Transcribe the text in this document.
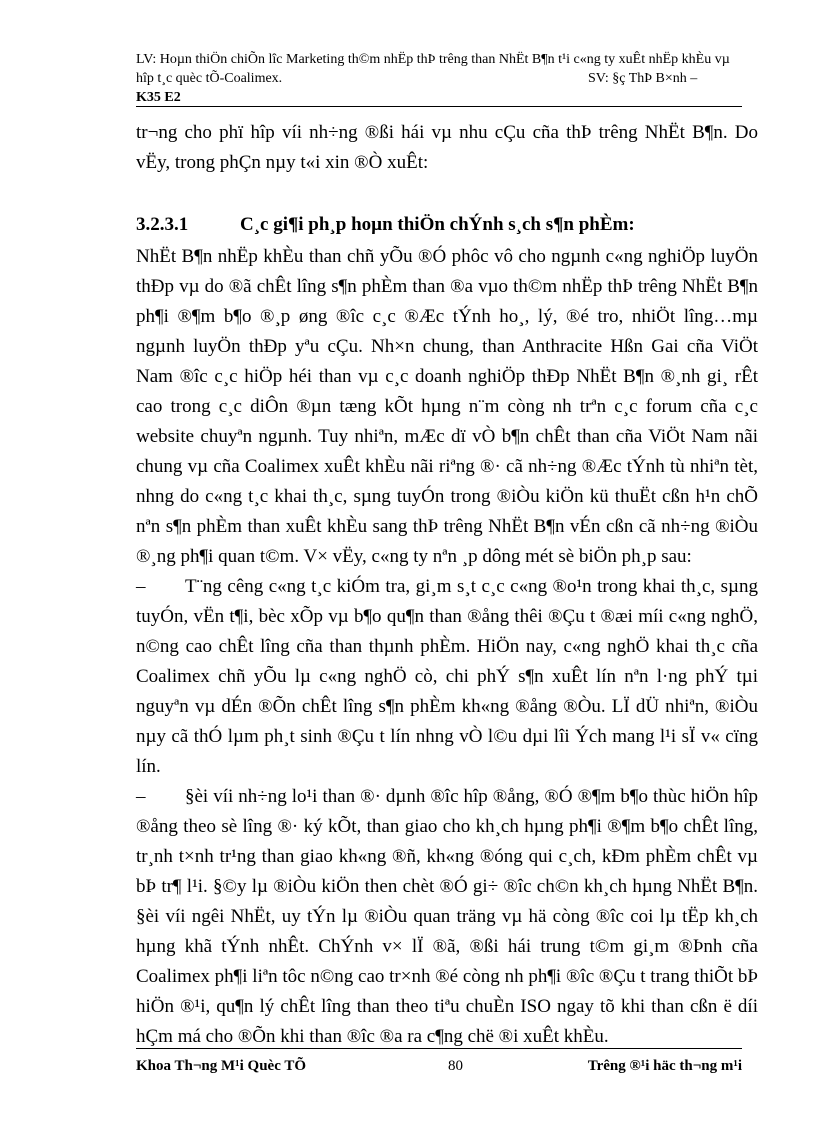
LV: Hoµn thiÖn chiÕn lîc Marketing th©m nhËp thÞ trêng than NhËt B¶n t¹i c«ng ty xuÊt nhËp khÈu vµ hîp t¸c quèc tÕ-Coalimex.	SV: §ç ThÞ B×nh –
K35 E2

tr¬ng cho phï hîp víi nh÷ng ®ßi hái vµ nhu cÇu cña thÞ trêng NhËt B¶n. Do vËy, trong phÇn nµy t«i xin ®Ò xuÊt:

3.2.3.1	C¸c gi¶i ph¸p hoµn thiÖn chÝnh s¸ch s¶n phÈm:

NhËt B¶n nhËp khÈu than chñ yÕu ®Ó phôc vô cho ngµnh c«ng nghiÖp luyÖn thÐp vµ do ®ã chÊt lîng s¶n phÈm than ®a vµo th©m nhËp thÞ trêng NhËt B¶n ph¶i ®¶m b¶o ®¸p øng ®îc c¸c ®Æc tÝnh ho¸, lý, ®é tro, nhiÖt lîng…mµ ngµnh luyÖn thÐp yªu cÇu. Nh×n chung, than Anthracite Hßn Gai cña ViÖt Nam ®îc c¸c hiÖp héi than vµ c¸c doanh nghiÖp thÐp NhËt B¶n ®¸nh gi¸ rÊt cao trong c¸c diÔn ®µn tæng kÕt hµng n¨m còng nh trªn c¸c forum cña c¸c website chuyªn ngµnh. Tuy nhiªn, mÆc dï vÒ b¶n chÊt than cña ViÖt Nam nãi chung vµ cña Coalimex xuÊt khÈu nãi riªng ®· cã nh÷ng ®Æc tÝnh tù nhiªn tèt, nhng do c«ng t¸c khai th¸c, sµng tuyÓn trong ®iÒu kiÖn kü thuËt cßn h¹n chÕ nªn s¶n phÈm than xuÊt khÈu sang thÞ trêng NhËt B¶n vÉn cßn cã nh÷ng ®iÒu ®¸ng ph¶i quan t©m. V× vËy, c«ng ty nªn ¸p dông mét sè biÖn ph¸p sau:

– T¨ng cêng c«ng t¸c kiÓm tra, gi¸m s¸t c¸c c«ng ®o¹n trong khai th¸c, sµng tuyÓn, vËn t¶i, bèc xÕp vµ b¶o qu¶n than ®ång thêi ®Çu t ®æi míi c«ng nghÖ, n©ng cao chÊt lîng cña than thµnh phÈm. HiÖn nay, c«ng nghÖ khai th¸c cña Coalimex chñ yÕu lµ c«ng nghÖ cò, chi phÝ s¶n xuÊt lín nªn l·ng phÝ tµi nguyªn vµ dÉn ®Õn chÊt lîng s¶n phÈm kh«ng ®ång ®Òu. LÏ dÜ nhiªn, ®iÒu nµy cã thÓ lµm ph¸t sinh ®Çu t lín nhng vÒ l©u dµi lîi Ých mang l¹i sÏ v« cïng lín.

– §èi víi nh÷ng lo¹i than ®· dµnh ®îc hîp ®ång, ®Ó ®¶m b¶o thùc hiÖn hîp ®ång theo sè lîng ®· ký kÕt, than giao cho kh¸ch hµng ph¶i ®¶m b¶o chÊt lîng, tr¸nh t×nh tr¹ng than giao kh«ng ®ñ, kh«ng ®óng qui c¸ch, kÐm phÈm chÊt vµ bÞ tr¶ l¹i. §©y lµ ®iÒu kiÖn then chèt ®Ó gi÷ ®îc ch©n kh¸ch hµng NhËt B¶n. §èi víi ngêi NhËt, uy tÝn lµ ®iÒu quan träng vµ hä còng ®îc coi lµ tËp kh¸ch hµng khã tÝnh nhÊt. ChÝnh v× lÏ ®ã, ®ßi hái trung t©m gi¸m ®Þnh cña Coalimex ph¶i liªn tôc n©ng cao tr×nh ®é còng nh ph¶i ®îc ®Çu t trang thiÕt bÞ hiÖn ®¹i, qu¶n lý chÊt lîng than theo tiªu chuÈn ISO ngay tõ khi than cßn ë díi hÇm má cho ®Õn khi than ®îc ®a ra c¶ng chë ®i xuÊt khÈu.

Khoa Th¬ng M¹i Quèc TÕ	80	Trêng ®¹i häc th¬ng m¹i
